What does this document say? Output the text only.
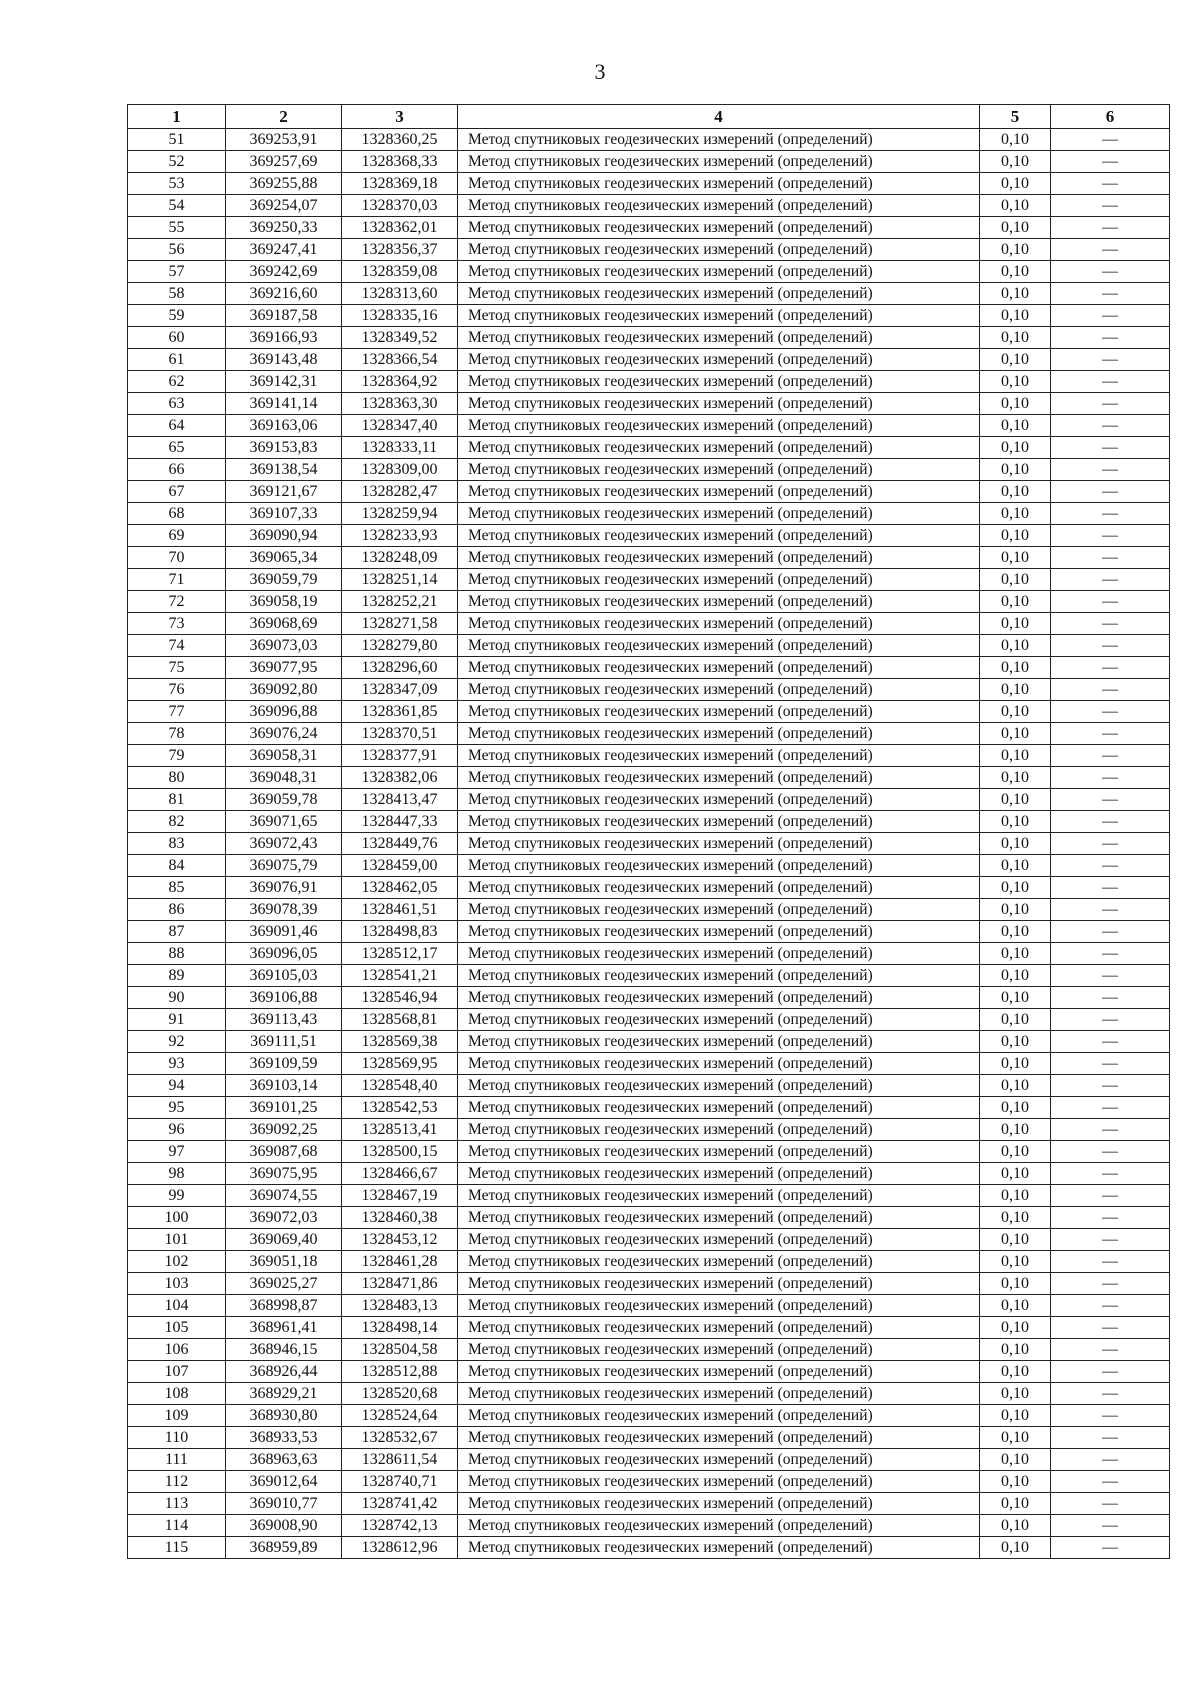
3
1	2	3	4	5	6
51	369253,91	1328360,25	Метод спутниковых геодезических измерений (определений)	0,10	—
52	369257,69	1328368,33	Метод спутниковых геодезических измерений (определений)	0,10	—
53	369255,88	1328369,18	Метод спутниковых геодезических измерений (определений)	0,10	—
54	369254,07	1328370,03	Метод спутниковых геодезических измерений (определений)	0,10	—
55	369250,33	1328362,01	Метод спутниковых геодезических измерений (определений)	0,10	—
56	369247,41	1328356,37	Метод спутниковых геодезических измерений (определений)	0,10	—
57	369242,69	1328359,08	Метод спутниковых геодезических измерений (определений)	0,10	—
58	369216,60	1328313,60	Метод спутниковых геодезических измерений (определений)	0,10	—
59	369187,58	1328335,16	Метод спутниковых геодезических измерений (определений)	0,10	—
60	369166,93	1328349,52	Метод спутниковых геодезических измерений (определений)	0,10	—
61	369143,48	1328366,54	Метод спутниковых геодезических измерений (определений)	0,10	—
62	369142,31	1328364,92	Метод спутниковых геодезических измерений (определений)	0,10	—
63	369141,14	1328363,30	Метод спутниковых геодезических измерений (определений)	0,10	—
64	369163,06	1328347,40	Метод спутниковых геодезических измерений (определений)	0,10	—
65	369153,83	1328333,11	Метод спутниковых геодезических измерений (определений)	0,10	—
66	369138,54	1328309,00	Метод спутниковых геодезических измерений (определений)	0,10	—
67	369121,67	1328282,47	Метод спутниковых геодезических измерений (определений)	0,10	—
68	369107,33	1328259,94	Метод спутниковых геодезических измерений (определений)	0,10	—
69	369090,94	1328233,93	Метод спутниковых геодезических измерений (определений)	0,10	—
70	369065,34	1328248,09	Метод спутниковых геодезических измерений (определений)	0,10	—
71	369059,79	1328251,14	Метод спутниковых геодезических измерений (определений)	0,10	—
72	369058,19	1328252,21	Метод спутниковых геодезических измерений (определений)	0,10	—
73	369068,69	1328271,58	Метод спутниковых геодезических измерений (определений)	0,10	—
74	369073,03	1328279,80	Метод спутниковых геодезических измерений (определений)	0,10	—
75	369077,95	1328296,60	Метод спутниковых геодезических измерений (определений)	0,10	—
76	369092,80	1328347,09	Метод спутниковых геодезических измерений (определений)	0,10	—
77	369096,88	1328361,85	Метод спутниковых геодезических измерений (определений)	0,10	—
78	369076,24	1328370,51	Метод спутниковых геодезических измерений (определений)	0,10	—
79	369058,31	1328377,91	Метод спутниковых геодезических измерений (определений)	0,10	—
80	369048,31	1328382,06	Метод спутниковых геодезических измерений (определений)	0,10	—
81	369059,78	1328413,47	Метод спутниковых геодезических измерений (определений)	0,10	—
82	369071,65	1328447,33	Метод спутниковых геодезических измерений (определений)	0,10	—
83	369072,43	1328449,76	Метод спутниковых геодезических измерений (определений)	0,10	—
84	369075,79	1328459,00	Метод спутниковых геодезических измерений (определений)	0,10	—
85	369076,91	1328462,05	Метод спутниковых геодезических измерений (определений)	0,10	—
86	369078,39	1328461,51	Метод спутниковых геодезических измерений (определений)	0,10	—
87	369091,46	1328498,83	Метод спутниковых геодезических измерений (определений)	0,10	—
88	369096,05	1328512,17	Метод спутниковых геодезических измерений (определений)	0,10	—
89	369105,03	1328541,21	Метод спутниковых геодезических измерений (определений)	0,10	—
90	369106,88	1328546,94	Метод спутниковых геодезических измерений (определений)	0,10	—
91	369113,43	1328568,81	Метод спутниковых геодезических измерений (определений)	0,10	—
92	369111,51	1328569,38	Метод спутниковых геодезических измерений (определений)	0,10	—
93	369109,59	1328569,95	Метод спутниковых геодезических измерений (определений)	0,10	—
94	369103,14	1328548,40	Метод спутниковых геодезических измерений (определений)	0,10	—
95	369101,25	1328542,53	Метод спутниковых геодезических измерений (определений)	0,10	—
96	369092,25	1328513,41	Метод спутниковых геодезических измерений (определений)	0,10	—
97	369087,68	1328500,15	Метод спутниковых геодезических измерений (определений)	0,10	—
98	369075,95	1328466,67	Метод спутниковых геодезических измерений (определений)	0,10	—
99	369074,55	1328467,19	Метод спутниковых геодезических измерений (определений)	0,10	—
100	369072,03	1328460,38	Метод спутниковых геодезических измерений (определений)	0,10	—
101	369069,40	1328453,12	Метод спутниковых геодезических измерений (определений)	0,10	—
102	369051,18	1328461,28	Метод спутниковых геодезических измерений (определений)	0,10	—
103	369025,27	1328471,86	Метод спутниковых геодезических измерений (определений)	0,10	—
104	368998,87	1328483,13	Метод спутниковых геодезических измерений (определений)	0,10	—
105	368961,41	1328498,14	Метод спутниковых геодезических измерений (определений)	0,10	—
106	368946,15	1328504,58	Метод спутниковых геодезических измерений (определений)	0,10	—
107	368926,44	1328512,88	Метод спутниковых геодезических измерений (определений)	0,10	—
108	368929,21	1328520,68	Метод спутниковых геодезических измерений (определений)	0,10	—
109	368930,80	1328524,64	Метод спутниковых геодезических измерений (определений)	0,10	—
110	368933,53	1328532,67	Метод спутниковых геодезических измерений (определений)	0,10	—
111	368963,63	1328611,54	Метод спутниковых геодезических измерений (определений)	0,10	—
112	369012,64	1328740,71	Метод спутниковых геодезических измерений (определений)	0,10	—
113	369010,77	1328741,42	Метод спутниковых геодезических измерений (определений)	0,10	—
114	369008,90	1328742,13	Метод спутниковых геодезических измерений (определений)	0,10	—
115	368959,89	1328612,96	Метод спутниковых геодезических измерений (определений)	0,10	—
